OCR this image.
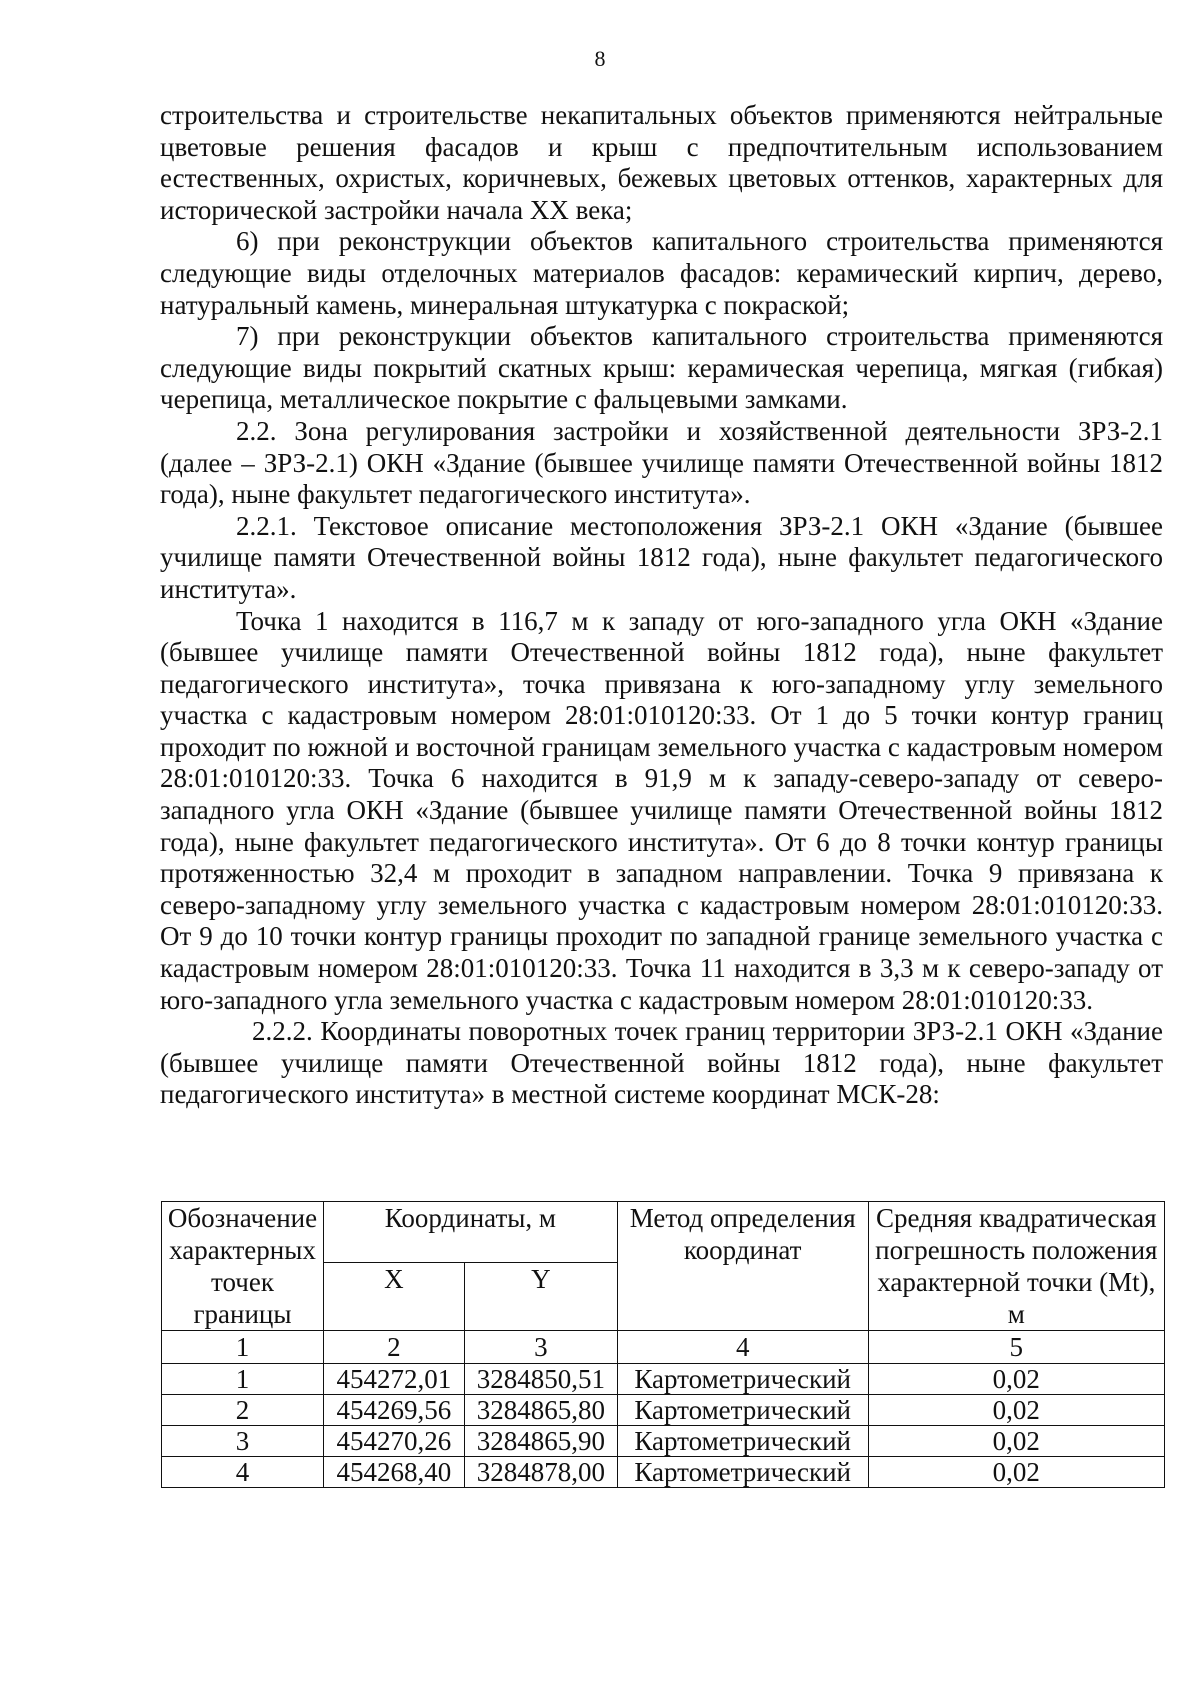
8

строительства и строительстве некапитальных объектов применяются нейтральные цветовые решения фасадов и крыш с предпочтительным использованием естественных, охристых, коричневых, бежевых цветовых оттенков, характерных для исторической застройки начала XX века;

6) при реконструкции объектов капитального строительства применяются следующие виды отделочных материалов фасадов: керамический кирпич, дерево, натуральный камень, минеральная штукатурка с покраской;

7) при реконструкции объектов капитального строительства применяются следующие виды покрытий скатных крыш: керамическая черепица, мягкая (гибкая) черепица, металлическое покрытие с фальцевыми замками.

2.2. Зона регулирования застройки и хозяйственной деятельности ЗРЗ-2.1 (далее – ЗРЗ-2.1) ОКН «Здание (бывшее училище памяти Отечественной войны 1812 года), ныне факультет педагогического института».

2.2.1. Текстовое описание местоположения ЗРЗ-2.1 ОКН «Здание (бывшее училище памяти Отечественной войны 1812 года), ныне факультет педагогического института».

Точка 1 находится в 116,7 м к западу от юго-западного угла ОКН «Здание (бывшее училище памяти Отечественной войны 1812 года), ныне факультет педагогического института», точка привязана к юго-западному углу земельного участка с кадастровым номером 28:01:010120:33. От 1 до 5 точки контур границ проходит по южной и восточной границам земельного участка с кадастровым номером 28:01:010120:33. Точка 6 находится в 91,9 м к западу-северо-западу от северо-западного угла ОКН «Здание (бывшее училище памяти Отечественной войны 1812 года), ныне факультет педагогического института». От 6 до 8 точки контур границы протяженностью 32,4 м проходит в западном направлении. Точка 9 привязана к северо-западному углу земельного участка с кадастровым номером 28:01:010120:33. От 9 до 10 точки контур границы проходит по западной границе земельного участка с кадастровым номером 28:01:010120:33. Точка 11 находится в 3,3 м к северо-западу от юго-западного угла земельного участка с кадастровым номером 28:01:010120:33.

2.2.2. Координаты поворотных точек границ территории ЗРЗ-2.1 ОКН «Здание (бывшее училище памяти Отечественной войны 1812 года), ныне факультет педагогического института» в местной системе координат МСК-28:

Обозначение характерных точек границы	Координаты, м		Метод определения координат	Средняя квадратическая погрешность положения характерной точки (Mt), м
	X	Y		
1	2	3	4	5
1	454272,01	3284850,51	Картометрический	0,02
2	454269,56	3284865,80	Картометрический	0,02
3	454270,26	3284865,90	Картометрический	0,02
4	454268,40	3284878,00	Картометрический	0,02
